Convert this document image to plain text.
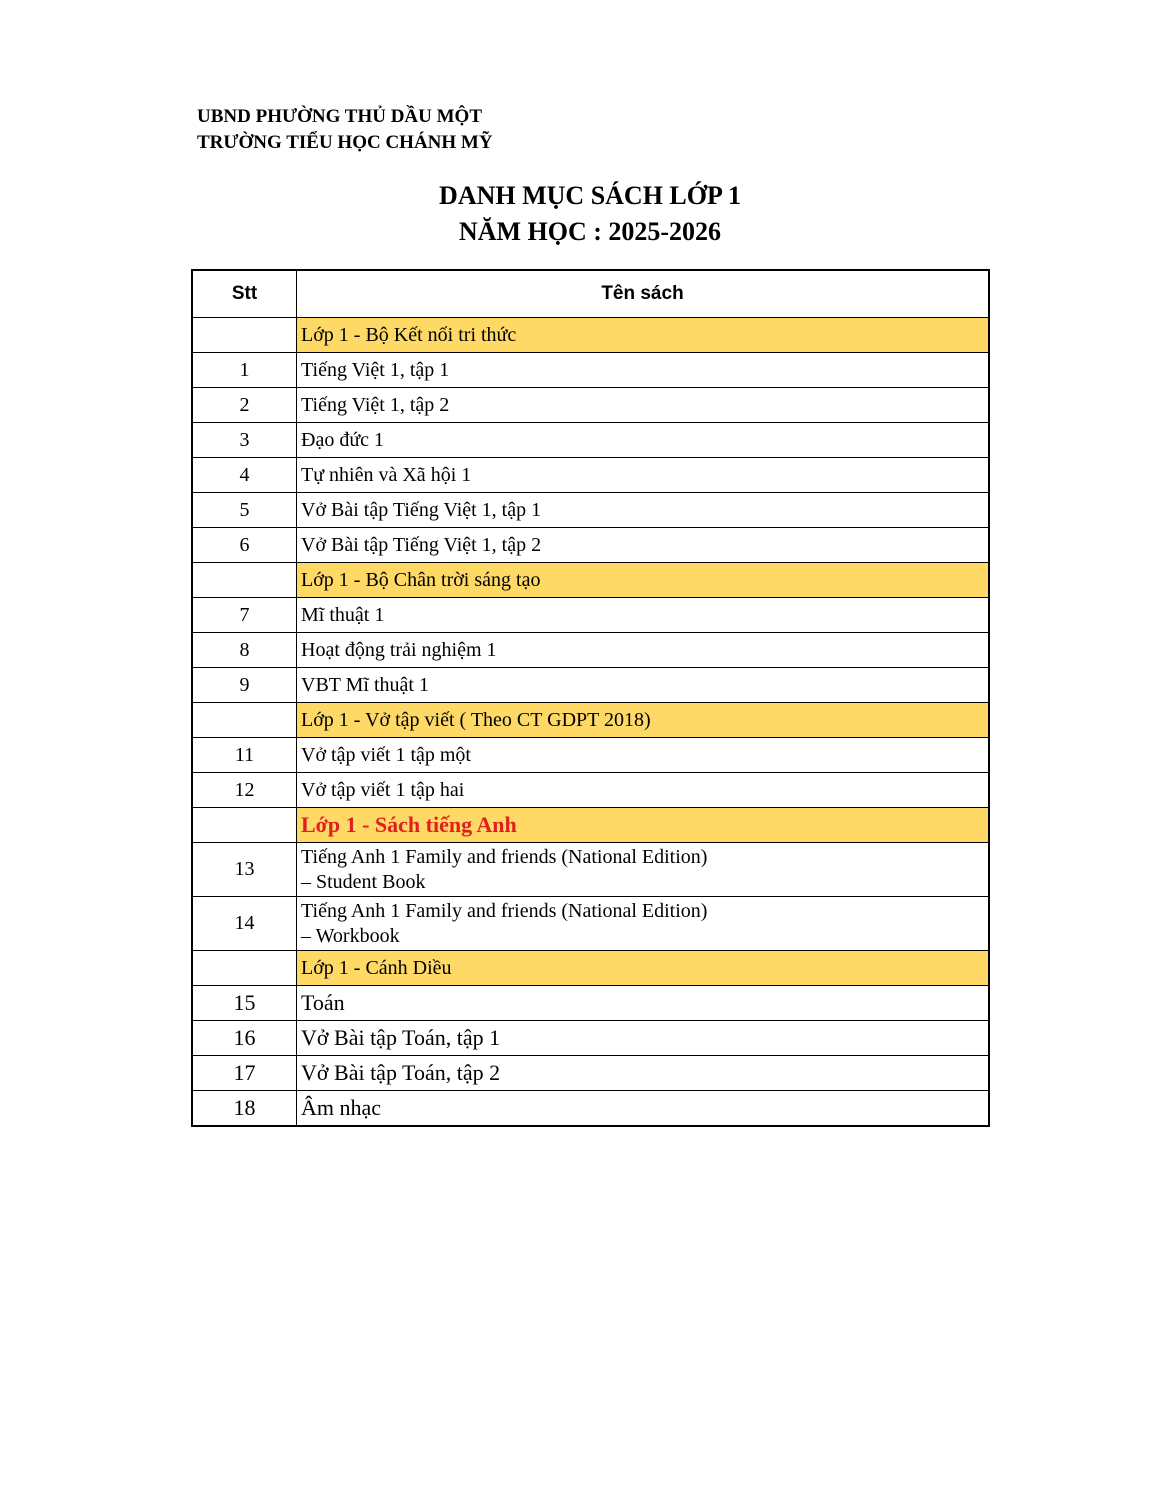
UBND PHƯỜNG THỦ DẦU MỘT
TRƯỜNG TIỂU HỌC CHÁNH MỸ
DANH MỤC SÁCH LỚP 1
NĂM HỌC : 2025-2026
Stt	Tên sách
	Lớp 1 - Bộ Kết nối tri thức
1	Tiếng Việt 1, tập 1
2	Tiếng Việt 1, tập 2
3	Đạo đức 1
4	Tự nhiên và Xã hội 1
5	Vở Bài tập Tiếng Việt 1, tập 1
6	Vở Bài tập Tiếng Việt 1, tập 2
	Lớp 1 - Bộ Chân trời sáng tạo
7	Mĩ thuật 1
8	Hoạt động trải nghiệm 1
9	VBT Mĩ thuật 1
	Lớp 1 - Vở tập viết ( Theo CT GDPT 2018)
11	Vở tập viết 1 tập một
12	Vở tập viết 1 tập hai
	Lớp 1 - Sách tiếng Anh
13	Tiếng Anh 1 Family and friends (National Edition)
– Student Book

14	Tiếng Anh 1 Family and friends (National Edition)
– Workbook

	Lớp 1 - Cánh Diều
15	Toán
16	Vở Bài tập Toán, tập 1
17	Vở Bài tập Toán, tập 2
18	Âm nhạc
